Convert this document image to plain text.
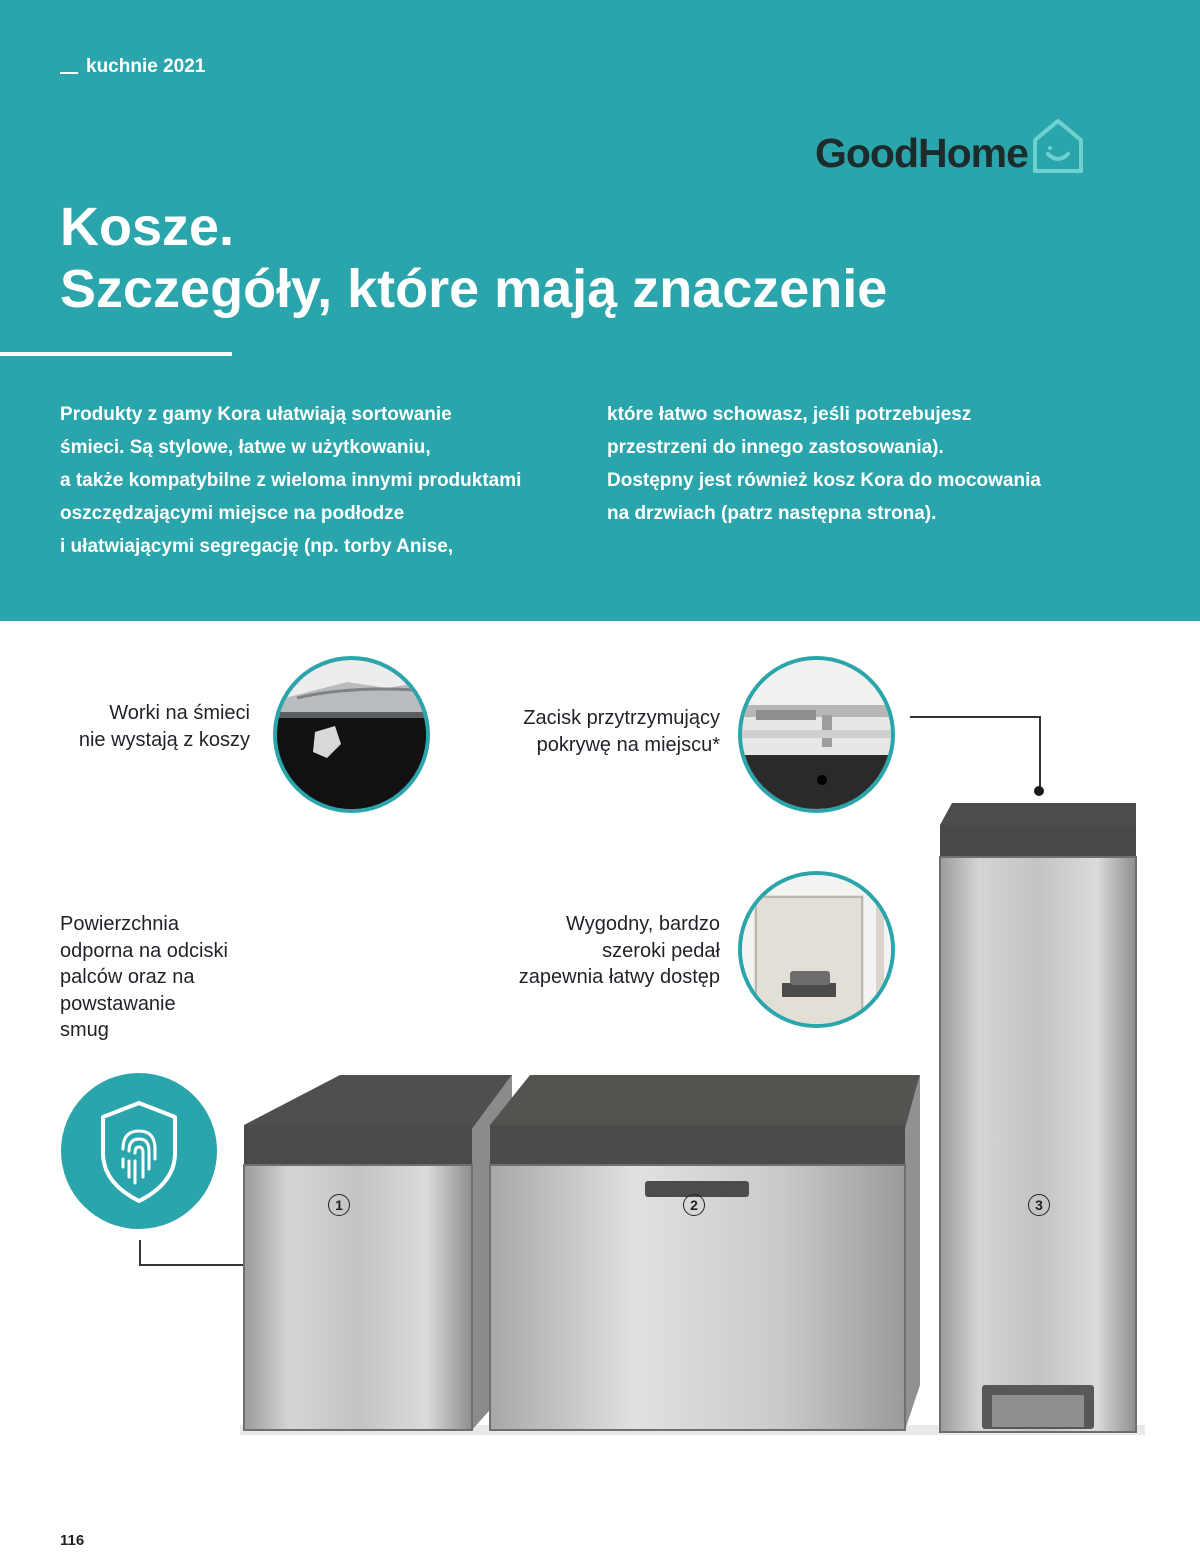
kuchnie 2021
GoodHome
Kosze.
Szczegóły, które mają znaczenie

Produkty z gamy Kora ułatwiają sortowanie
śmieci. Są stylowe, łatwe w użytkowaniu,
a także kompatybilne z wieloma innymi produktami
oszczędzającymi miejsce na podłodze
i ułatwiającymi segregację (np. torby Anise,

które łatwo schowasz, jeśli potrzebujesz
przestrzeni do innego zastosowania).
Dostępny jest również kosz Kora do mocowania
na drzwiach (patrz następna strona).

Worki na śmieci
nie wystają z koszy

Zacisk przytrzymujący
pokrywę na miejscu*

Powierzchnia
odporna na odciski
palców oraz na
powstawanie
smug

Wygodny, bardzo
szeroki pedał
zapewnia łatwy dostęp

1	2	3
116
